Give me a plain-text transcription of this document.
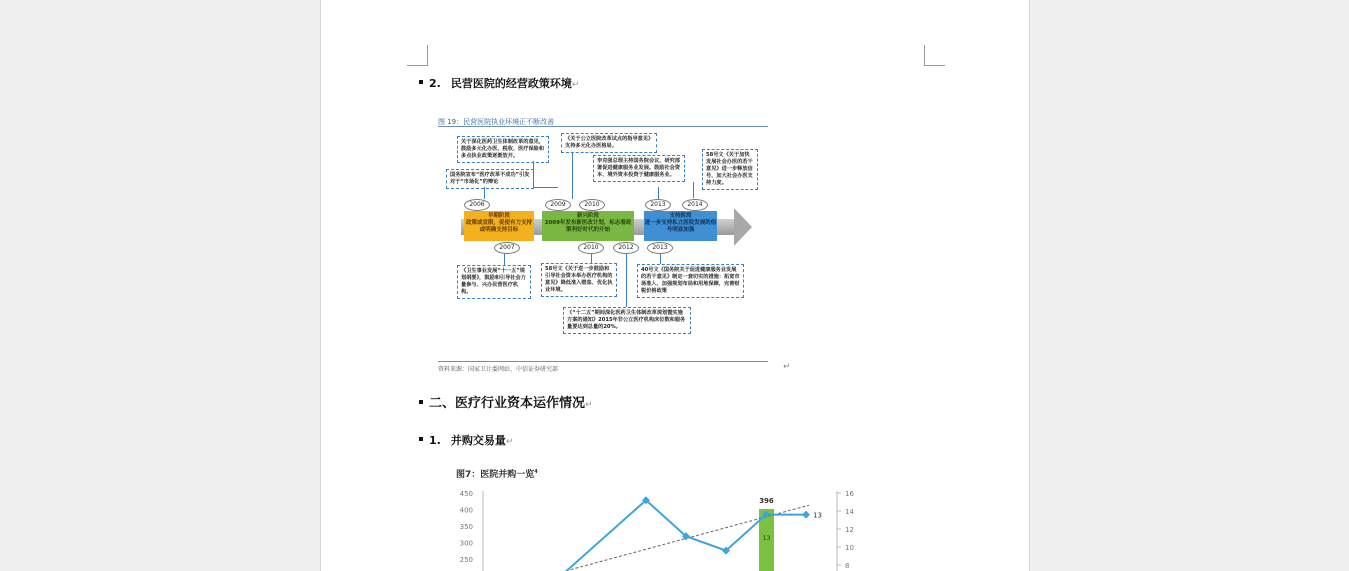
2. 民营医院的经营政策环境↵
图 19：民营医院执业环境正不断改善
关于深化医药卫生体制改革的意见，鼓励多元化办医，税收、医疗保险和多点执业政策逐渐放开。
国务院宣布“医疗改革不成功”引发对于“市场化”的辩论
《关于公立医院改革试点的指导意见》支持多元化办医格局。
李克强总理主持国务院会议，研究部署促进健康服务业发展。鼓励社会资本、境外资本投资于健康服务业。
58号文《关于加快发展社会办医的若干意见》进一步释放信号，加大社会办医支持力度。
2006	2009	2010	2013	2014
早期阶段
政策或宣限，促使有力支持或明确支持目标
新兴阶段
2009年发布新医改计划，标志着政策利好时代的开始
支持阶段
进一步支持私立医院发展的信号明显加强
2007	2010	2012	2013
《卫生事业发展“十一五”规划纲要》，鼓励和引导社会力量参与、兴办民营医疗机构。
58号文《关于进一步鼓励和引导社会资本举办医疗机构的意见》降低准入壁垒、优化执业环境。
《“十二五”期间深化医药卫生体制改革规划暨实施方案的通知》2015年非公立医疗机构床位数和服务量要达到总量的20%。
40号文《国务院关于促进健康服务业发展的若干意见》制定一套切实的措施：拓宽市场准入、加强规划布局和用地保障，完善财税价格政策
资料来源：国家卫计委网站、中信证券研究部	↵
二、医疗行业资本运作情况↵
1. 并购交易量↵
图7：医院并购一览$^4$
450
400
350
300
250
16
14
12
10
8
396
13
13
